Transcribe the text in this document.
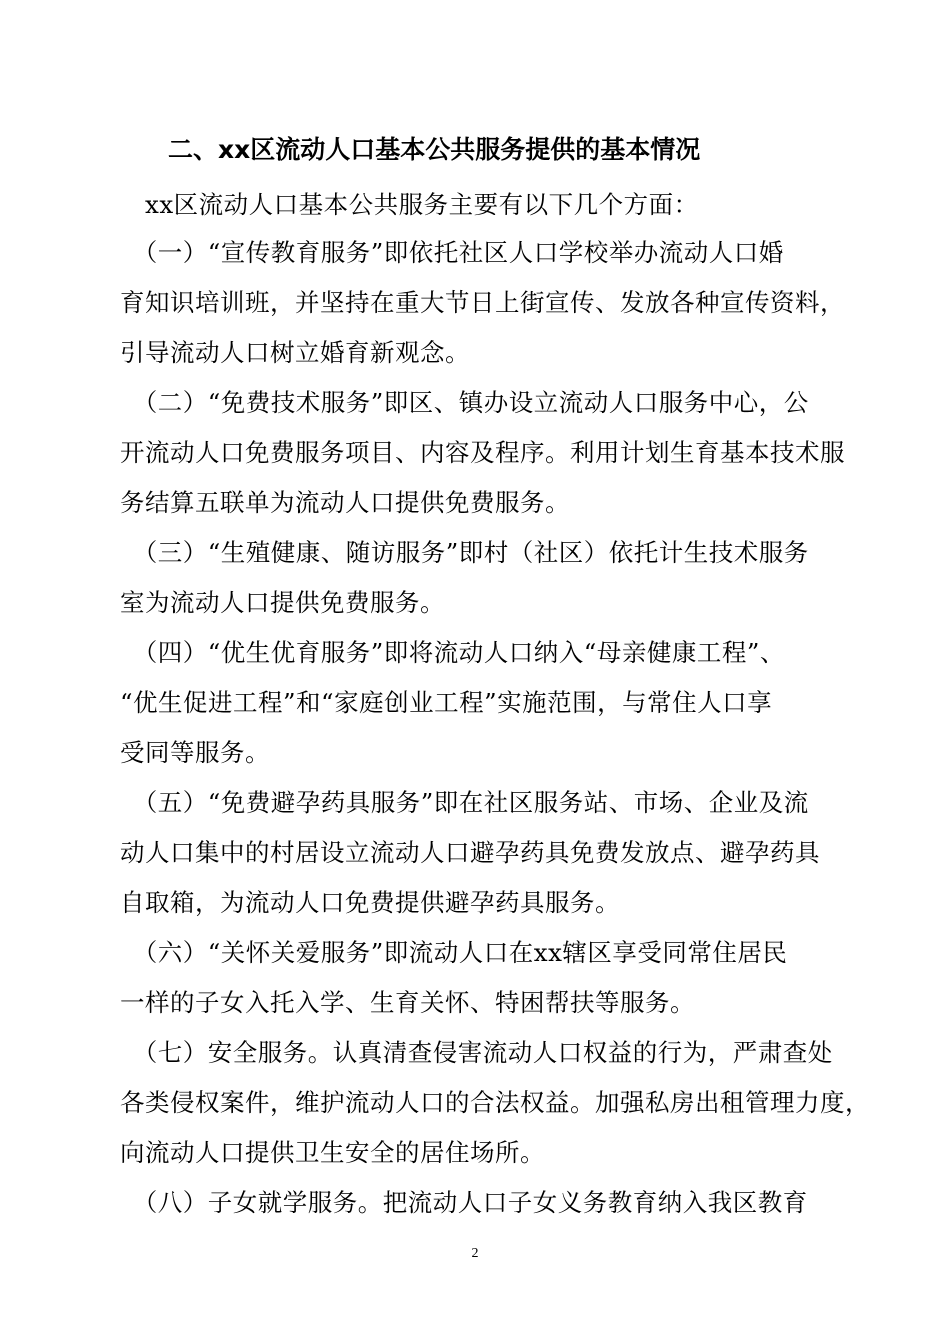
二、xx区流动人口基本公共服务提供的基本情况
　xx区流动人口基本公共服务主要有以下几个方面：
　（一）“宣传教育服务”即依托社区人口学校举办流动人口婚
育知识培训班，并坚持在重大节日上街宣传、发放各种宣传资料，
引导流动人口树立婚育新观念。
　（二）“免费技术服务”即区、镇办设立流动人口服务中心，公
开流动人口免费服务项目、内容及程序。利用计划生育基本技术服
务结算五联单为流动人口提供免费服务。
　（三）“生殖健康、随访服务”即村（社区）依托计生技术服务
室为流动人口提供免费服务。
　（四）“优生优育服务”即将流动人口纳入“母亲健康工程”、
“优生促进工程”和“家庭创业工程”实施范围，与常住人口享
受同等服务。
　（五）“免费避孕药具服务”即在社区服务站、市场、企业及流
动人口集中的村居设立流动人口避孕药具免费发放点、避孕药具
自取箱，为流动人口免费提供避孕药具服务。
　（六）“关怀关爱服务”即流动人口在xx辖区享受同常住居民
一样的子女入托入学、生育关怀、特困帮扶等服务。
　（七）安全服务。认真清查侵害流动人口权益的行为，严肃查处
各类侵权案件，维护流动人口的合法权益。加强私房出租管理力度，
向流动人口提供卫生安全的居住场所。
　（八）子女就学服务。把流动人口子女义务教育纳入我区教育
2
